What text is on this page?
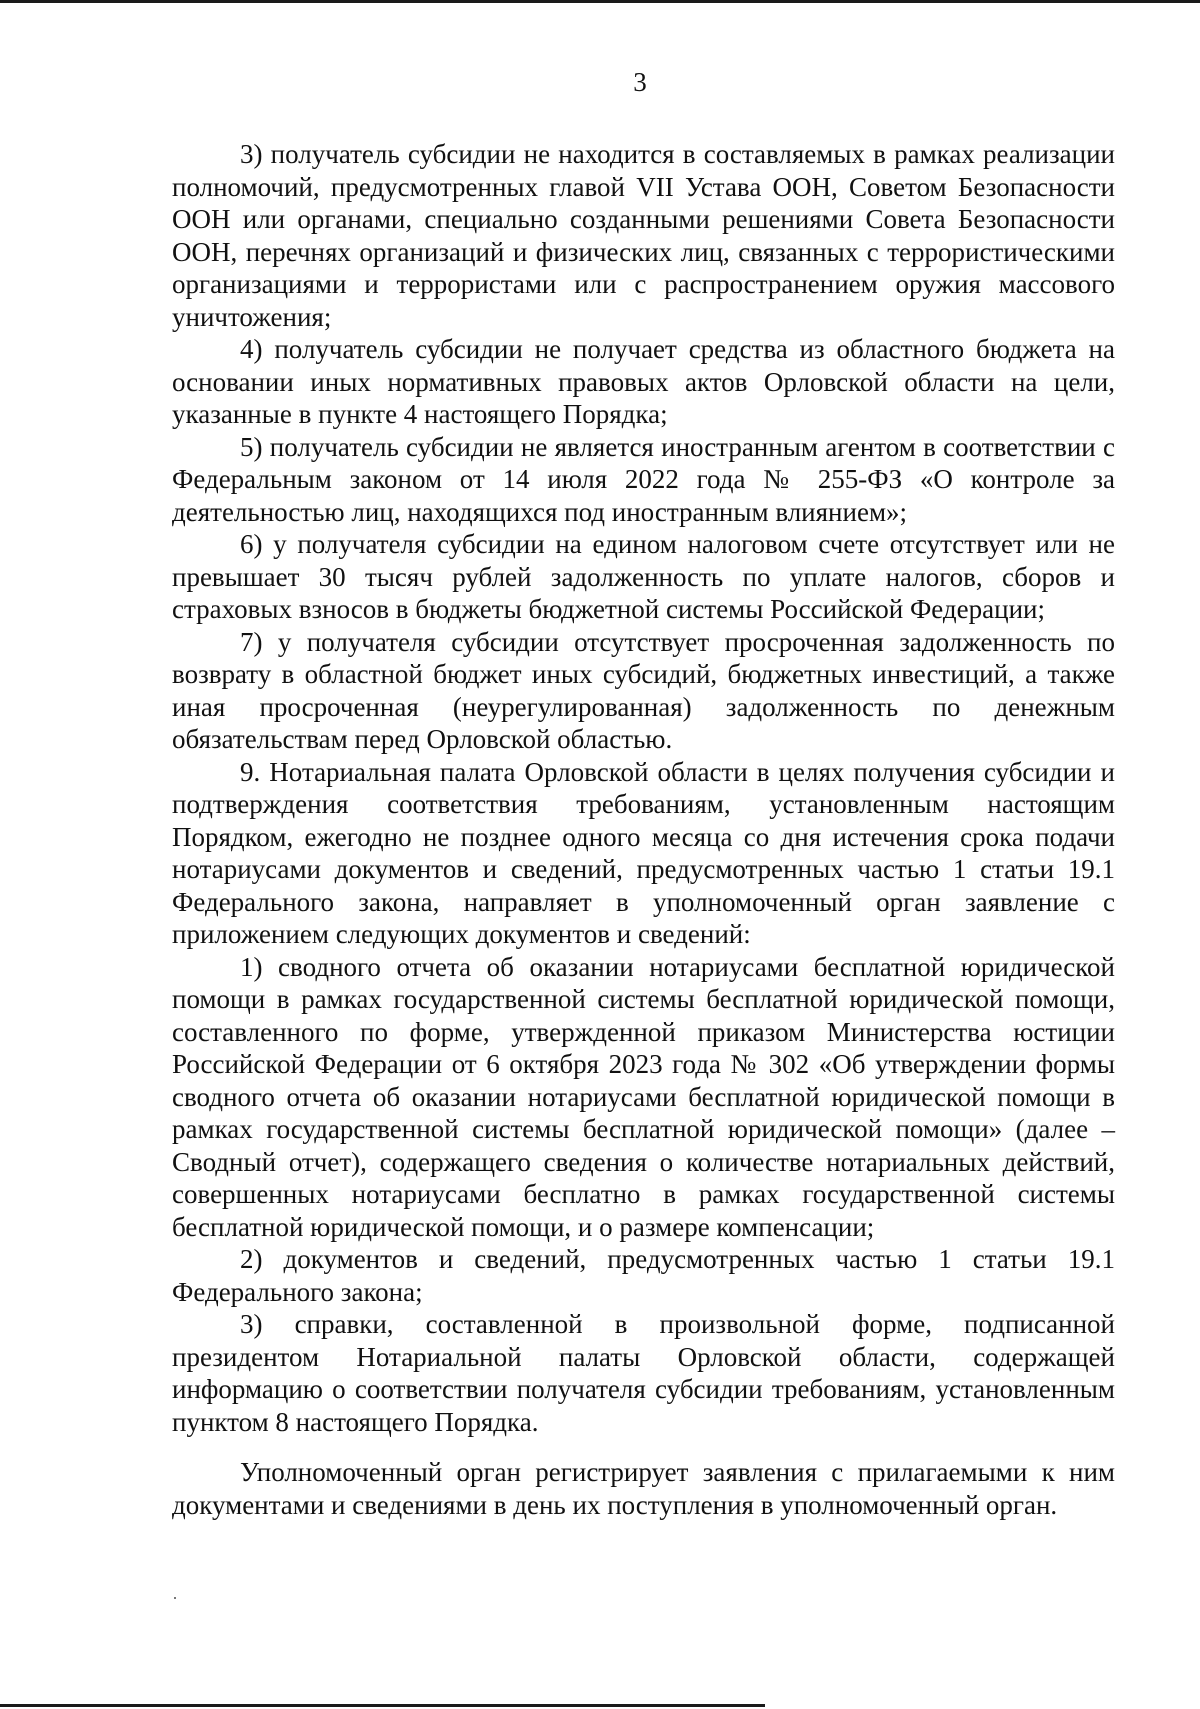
3

3) получатель субсидии не находится в составляемых в рамках реализации полномочий, предусмотренных главой VII Устава ООН, Советом Безопасности ООН или органами, специально созданными решениями Совета Безопасности ООН, перечнях организаций и физических лиц, связанных с террористическими организациями и террористами или с распространением оружия массового уничтожения;

4) получатель субсидии не получает средства из областного бюджета на основании иных нормативных правовых актов Орловской области на цели, указанные в пункте 4 настоящего Порядка;

5) получатель субсидии не является иностранным агентом в соответствии с Федеральным законом от 14 июля 2022 года № 255-ФЗ «О контроле за деятельностью лиц, находящихся под иностранным влиянием»;

6) у получателя субсидии на едином налоговом счете отсутствует или не превышает 30 тысяч рублей задолженность по уплате налогов, сборов и страховых взносов в бюджеты бюджетной системы Российской Федерации;

7) у получателя субсидии отсутствует просроченная задолженность по возврату в областной бюджет иных субсидий, бюджетных инвестиций, а также иная просроченная (неурегулированная) задолженность по денежным обязательствам перед Орловской областью.

9. Нотариальная палата Орловской области в целях получения субсидии и подтверждения соответствия требованиям, установленным настоящим Порядком, ежегодно не позднее одного месяца со дня истечения срока подачи нотариусами документов и сведений, предусмотренных частью 1 статьи 19.1 Федерального закона, направляет в уполномоченный орган заявление с приложением следующих документов и сведений:

1) сводного отчета об оказании нотариусами бесплатной юридической помощи в рамках государственной системы бесплатной юридической помощи, составленного по форме, утвержденной приказом Министерства юстиции Российской Федерации от 6 октября 2023 года № 302 «Об утверждении формы сводного отчета об оказании нотариусами бесплатной юридической помощи в рамках государственной системы бесплатной юридической помощи» (далее – Сводный отчет), содержащего сведения о количестве нотариальных действий, совершенных нотариусами бесплатно в рамках государственной системы бесплатной юридической помощи, и о размере компенсации;

2) документов и сведений, предусмотренных частью 1 статьи 19.1 Федерального закона;

3) справки, составленной в произвольной форме, подписанной президентом Нотариальной палаты Орловской области, содержащей информацию о соответствии получателя субсидии требованиям, установленным пунктом 8 настоящего Порядка.

Уполномоченный орган регистрирует заявления с прилагаемыми к ним документами и сведениями в день их поступления в уполномоченный орган.
